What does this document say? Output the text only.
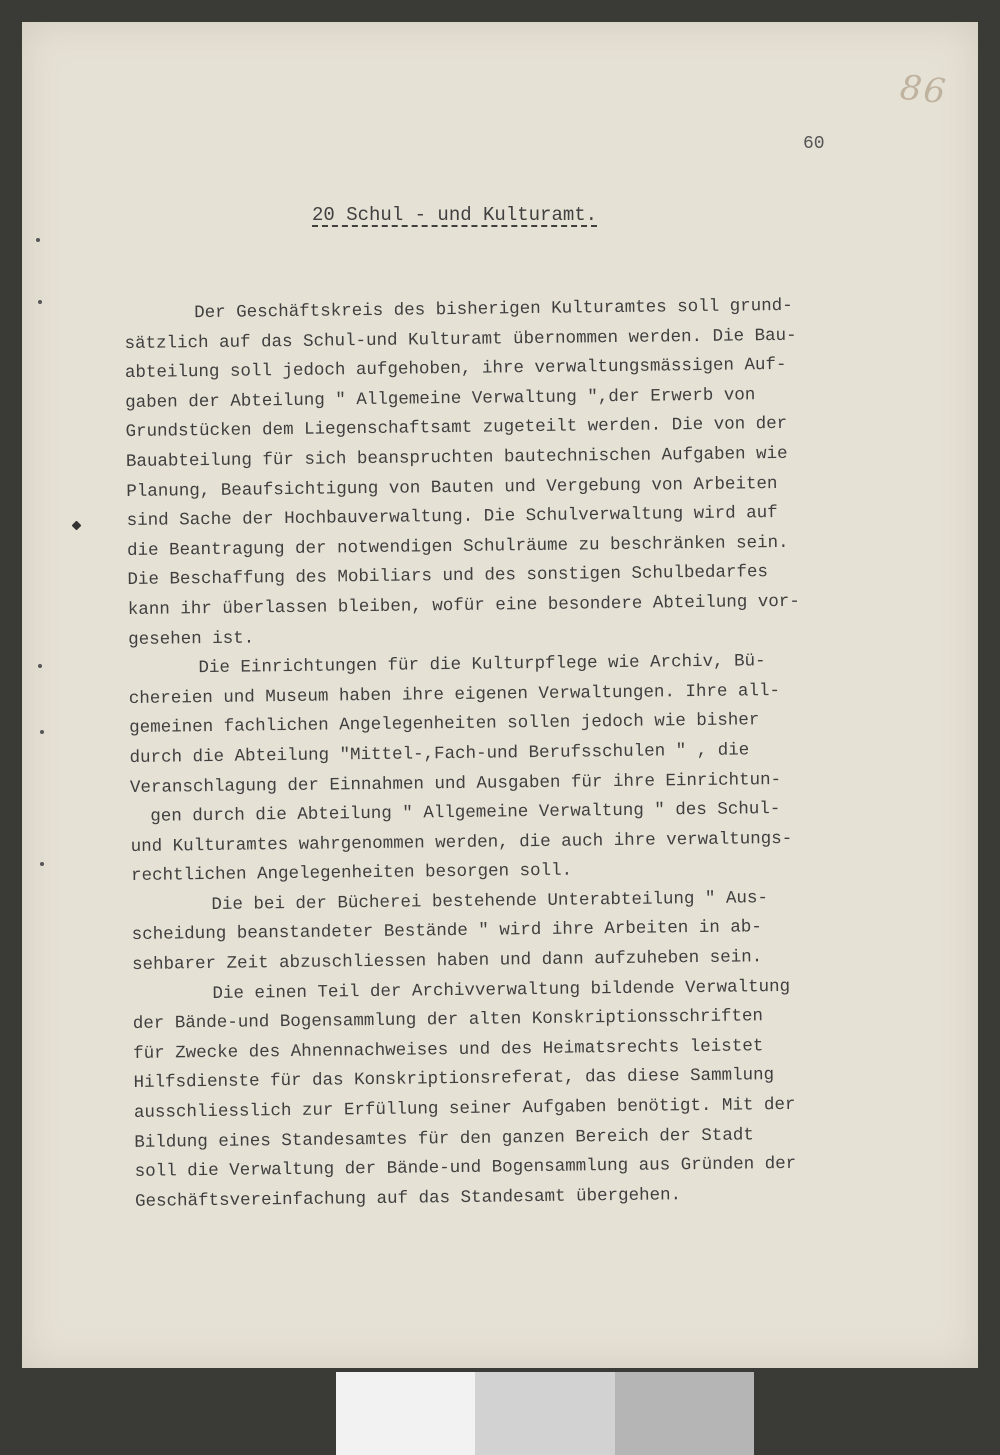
86
60
20 Schul - und Kulturamt.
Der Geschäftskreis des bisherigen Kulturamtes soll grund-
sätzlich auf das Schul-und Kulturamt übernommen werden. Die Bau-
abteilung soll jedoch aufgehoben, ihre verwaltungsmässigen Auf-
gaben der Abteilung " Allgemeine Verwaltung ",der Erwerb von
Grundstücken dem Liegenschaftsamt zugeteilt werden. Die von der
Bauabteilung für sich beanspruchten bautechnischen Aufgaben wie
Planung, Beaufsichtigung von Bauten und Vergebung von Arbeiten
sind Sache der Hochbauverwaltung. Die Schulverwaltung wird auf
die Beantragung der notwendigen Schulräume zu beschränken sein.
Die Beschaffung des Mobiliars und des sonstigen Schulbedarfes
kann ihr überlassen bleiben, wofür eine besondere Abteilung vor-
gesehen ist.
Die Einrichtungen für die Kulturpflege wie Archiv, Bü-
chereien und Museum haben ihre eigenen Verwaltungen. Ihre all-
gemeinen fachlichen Angelegenheiten sollen jedoch wie bisher
durch die Abteilung "Mittel-,Fach-und Berufsschulen " , die
Veranschlagung der Einnahmen und Ausgaben für ihre Einrichtun-
gen durch die Abteilung " Allgemeine Verwaltung " des Schul-
und Kulturamtes wahrgenommen werden, die auch ihre verwaltungs-
rechtlichen Angelegenheiten besorgen soll.
Die bei der Bücherei bestehende Unterabteilung " Aus-
scheidung beanstandeter Bestände " wird ihre Arbeiten in ab-
sehbarer Zeit abzuschliessen haben und dann aufzuheben sein.
Die einen Teil der Archivverwaltung bildende Verwaltung
der Bände-und Bogensammlung der alten Konskriptionsschriften
für Zwecke des Ahnennachweises und des Heimatsrechts leistet
Hilfsdienste für das Konskriptionsreferat, das diese Sammlung
ausschliesslich zur Erfüllung seiner Aufgaben benötigt. Mit der
Bildung eines Standesamtes für den ganzen Bereich der Stadt
soll die Verwaltung der Bände-und Bogensammlung aus Gründen der
Geschäftsvereinfachung auf das Standesamt übergehen.
